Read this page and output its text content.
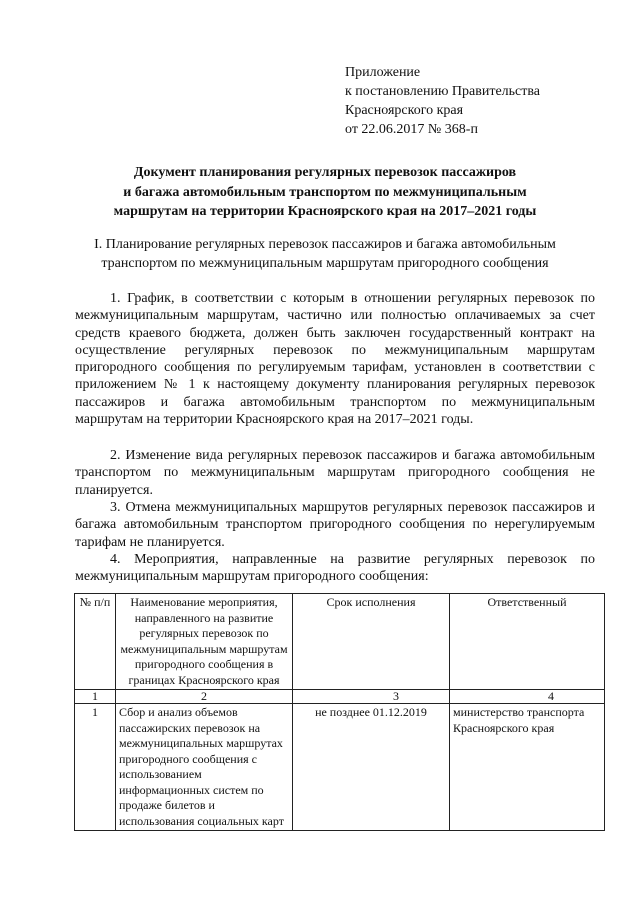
Приложение
к постановлению Правительства
Красноярского края
от 22.06.2017 № 368-п
Документ планирования регулярных перевозок пассажиров
и багажа автомобильным транспортом по межмуниципальным
маршрутам на территории Красноярского края на 2017–2021 годы
I. Планирование регулярных перевозок пассажиров и багажа автомобильным
транспортом по межмуниципальным маршрутам пригородного сообщения

1. График, в соответствии с которым в отношении регулярных перевозок по межмуниципальным маршрутам, частично или полностью оплачиваемых за счет средств краевого бюджета, должен быть заключен государственный контракт на осуществление регулярных перевозок по межмуниципальным маршрутам пригородного сообщения по регулируемым тарифам, установлен в соответствии с приложением № 1 к настоящему документу планирования регулярных перевозок пассажиров и багажа автомобильным транспортом по межмуниципальным маршрутам на территории Красноярского края на 2017–2021 годы.

2. Изменение вида регулярных перевозок пассажиров и багажа автомобильным транспортом по межмуниципальным маршрутам пригородного сообщения не планируется.

3. Отмена межмуниципальных маршрутов регулярных перевозок пассажиров и багажа автомобильным транспортом пригородного сообщения по нерегулируемым тарифам не планируется.

4. Мероприятия, направленные на развитие регулярных перевозок по межмуниципальным маршрутам пригородного сообщения:

№ п/п	Наименование мероприятия, направленного на развитие регулярных перевозок по межмуниципальным маршрутам пригородного сообщения в границах Красноярского края	Срок исполнения	Ответственный
1	2	3	4
1	Сбор и анализ объемов пассажирских перевозок на межмуниципальных маршрутах пригородного сообщения с использованием информационных систем по продаже билетов и использования социальных карт	не позднее 01.12.2019	министерство транспорта Красноярского края
